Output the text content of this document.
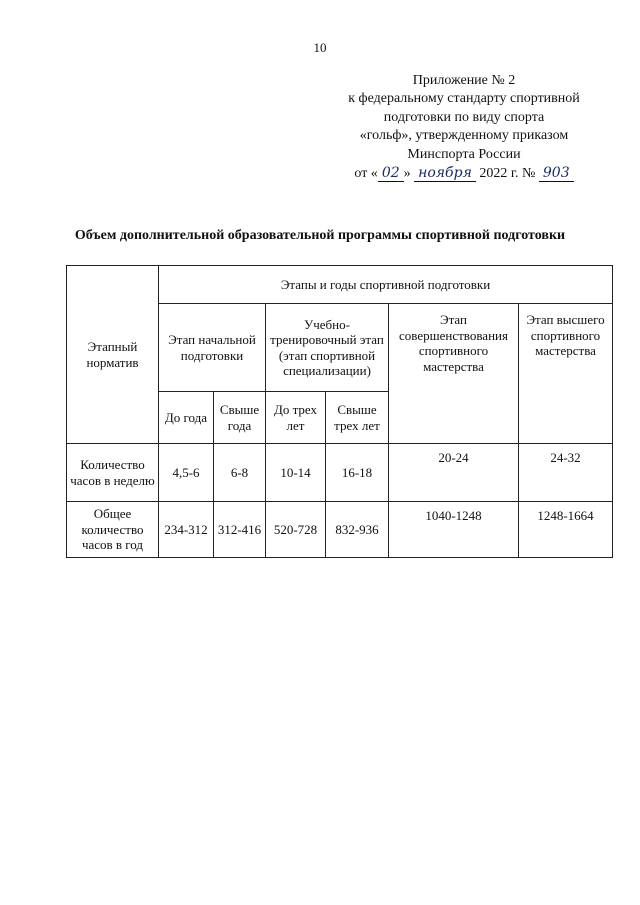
10
Приложение № 2
к федеральному стандарту спортивной
подготовки по виду спорта
«гольф», утвержденному приказом
Минспорта России
от « 02 » ноября 2022 г. № 903
Объем дополнительной образовательной программы спортивной подготовки
Этапный норматив	Этапы и годы спортивной подготовки					
	Этап начальной подготовки		Учебно-тренировочный этап (этап спортивной специализации)		Этап совершенствования спортивного мастерства	Этап высшего спортивного мастерства
	До года	Свыше года	До трех лет	Свыше трех лет		
Количество часов в неделю	4,5-6	6-8	10-14	16-18	20-24	24-32
Общее количество часов в год	234-312	312-416	520-728	832-936	1040-1248	1248-1664
